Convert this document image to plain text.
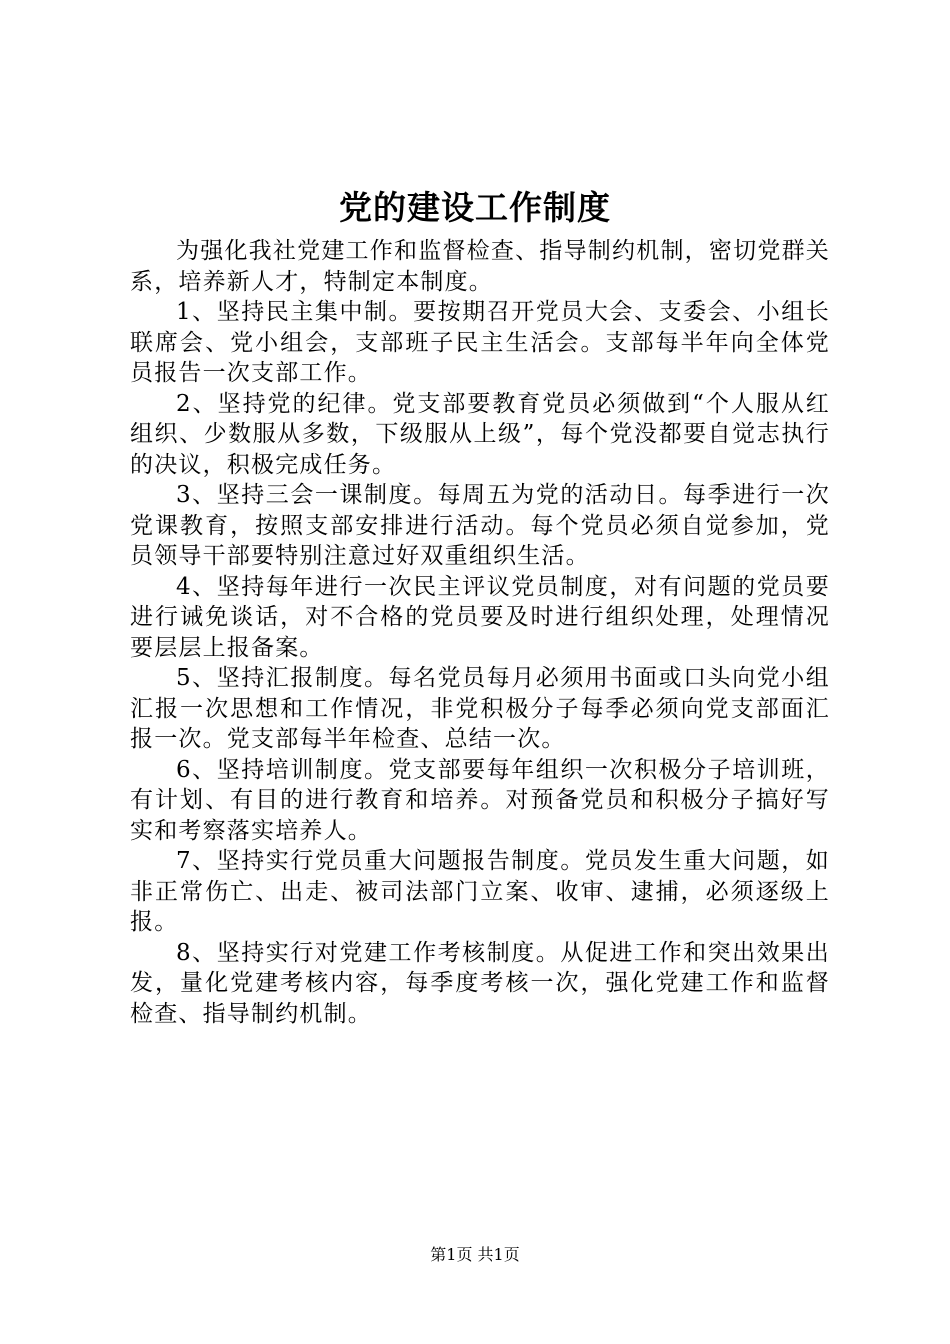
党的建设工作制度

为强化我社党建工作和监督检查、指导制约机制，密切党群关系，培养新人才，特制定本制度。

1、坚持民主集中制。要按期召开党员大会、支委会、小组长联席会、党小组会，支部班子民主生活会。支部每半年向全体党员报告一次支部工作。

2、坚持党的纪律。党支部要教育党员必须做到“个人服从红组织、少数服从多数，下级服从上级”，每个党没都要自觉志执行的决议，积极完成任务。

3、坚持三会一课制度。每周五为党的活动日。每季进行一次党课教育，按照支部安排进行活动。每个党员必须自觉参加，党员领导干部要特别注意过好双重组织生活。

4、坚持每年进行一次民主评议党员制度，对有问题的党员要进行诫免谈话，对不合格的党员要及时进行组织处理，处理情况要层层上报备案。

5、坚持汇报制度。每名党员每月必须用书面或口头向党小组汇报一次思想和工作情况，非党积极分子每季必须向党支部面汇报一次。党支部每半年检查、总结一次。

6、坚持培训制度。党支部要每年组织一次积极分子培训班，有计划、有目的进行教育和培养。对预备党员和积极分子搞好写实和考察落实培养人。

7、坚持实行党员重大问题报告制度。党员发生重大问题，如非正常伤亡、出走、被司法部门立案、收审、逮捕，必须逐级上报。

8、坚持实行对党建工作考核制度。从促进工作和突出效果出发，量化党建考核内容，每季度考核一次，强化党建工作和监督检查、指导制约机制。

第1页 共1页
